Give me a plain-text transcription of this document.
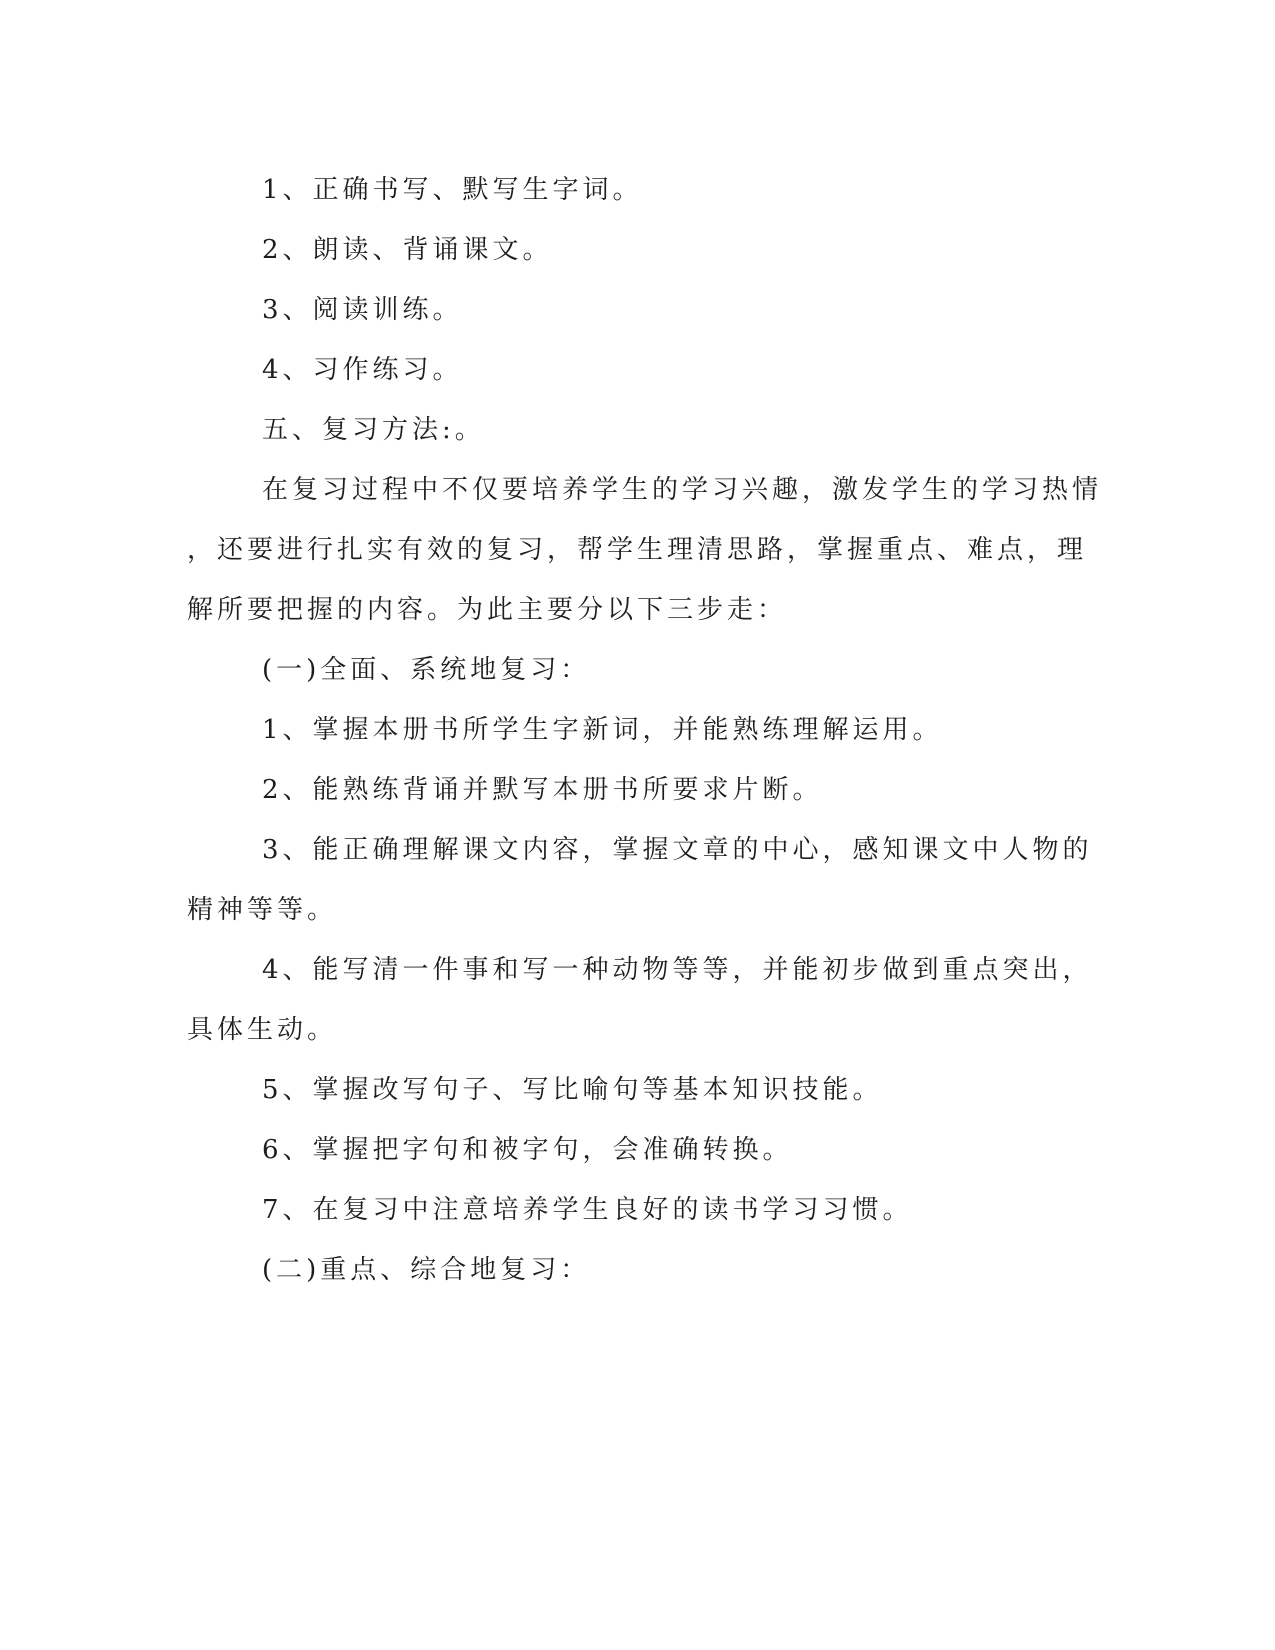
1、正确书写、默写生字词。

2、朗读、背诵课文。

3、阅读训练。

4、习作练习。

五、复习方法:。

在复习过程中不仅要培养学生的学习兴趣，激发学生的学习热情

，还要进行扎实有效的复习，帮学生理清思路，掌握重点、难点，理

解所要把握的内容。为此主要分以下三步走：

(一)全面、系统地复习：

1、掌握本册书所学生字新词，并能熟练理解运用。

2、能熟练背诵并默写本册书所要求片断。

3、能正确理解课文内容，掌握文章的中心，感知课文中人物的

精神等等。

4、能写清一件事和写一种动物等等，并能初步做到重点突出，

具体生动。

5、掌握改写句子、写比喻句等基本知识技能。

6、掌握把字句和被字句，会准确转换。

7、在复习中注意培养学生良好的读书学习习惯。

(二)重点、综合地复习：
